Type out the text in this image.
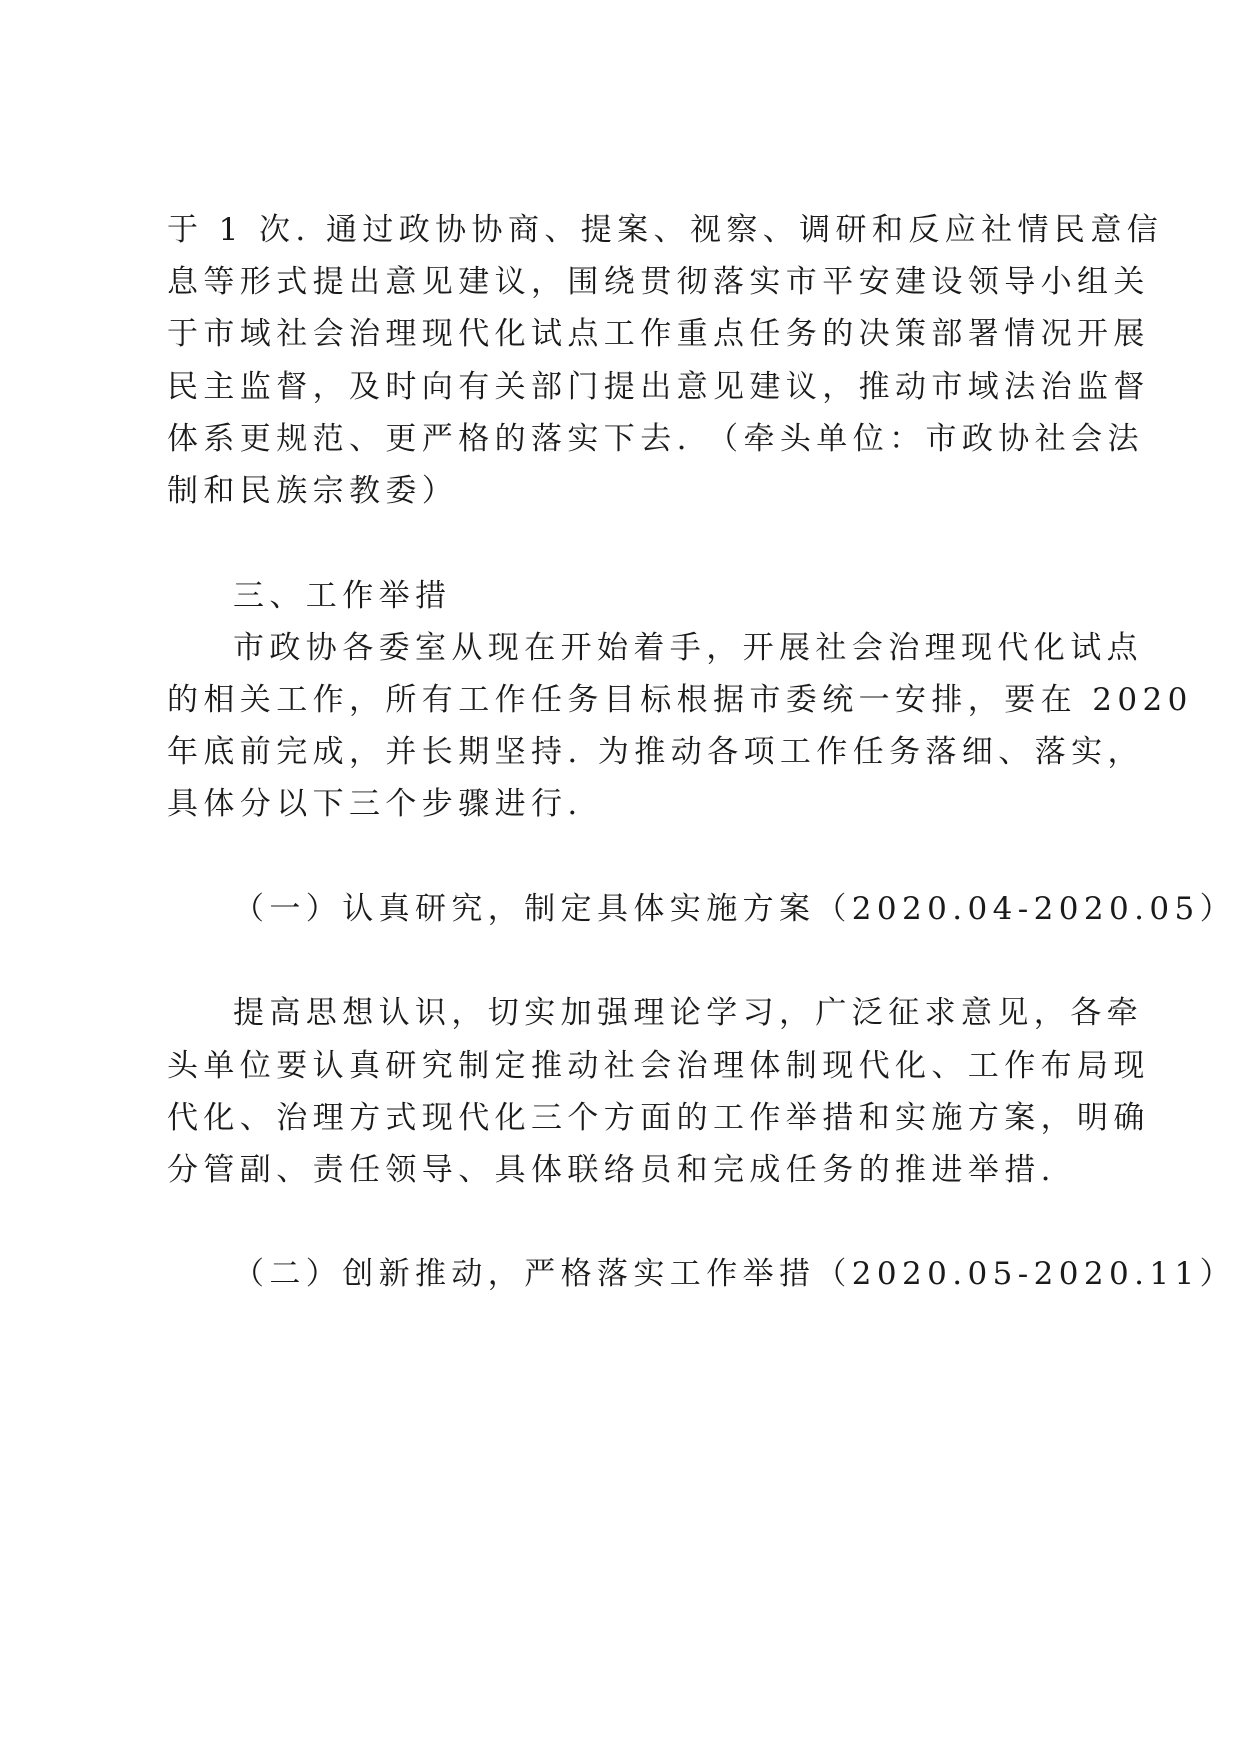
于 1 次. 通过政协协商、提案、视察、调研和反应社情民意信
息等形式提出意见建议，围绕贯彻落实市平安建设领导小组关
于市域社会治理现代化试点工作重点任务的决策部署情况开展
民主监督，及时向有关部门提出意见建议，推动市域法治监督
体系更规范、更严格的落实下去. （牵头单位：市政协社会法
制和民族宗教委）
三、工作举措
市政协各委室从现在开始着手，开展社会治理现代化试点
的相关工作，所有工作任务目标根据市委统一安排，要在 2020
年底前完成，并长期坚持. 为推动各项工作任务落细、落实，
具体分以下三个步骤进行.
（一）认真研究，制定具体实施方案（2020.04-2020.05）
提高思想认识，切实加强理论学习，广泛征求意见，各牵
头单位要认真研究制定推动社会治理体制现代化、工作布局现
代化、治理方式现代化三个方面的工作举措和实施方案，明确
分管副、责任领导、具体联络员和完成任务的推进举措.
（二）创新推动，严格落实工作举措（2020.05-2020.11）
